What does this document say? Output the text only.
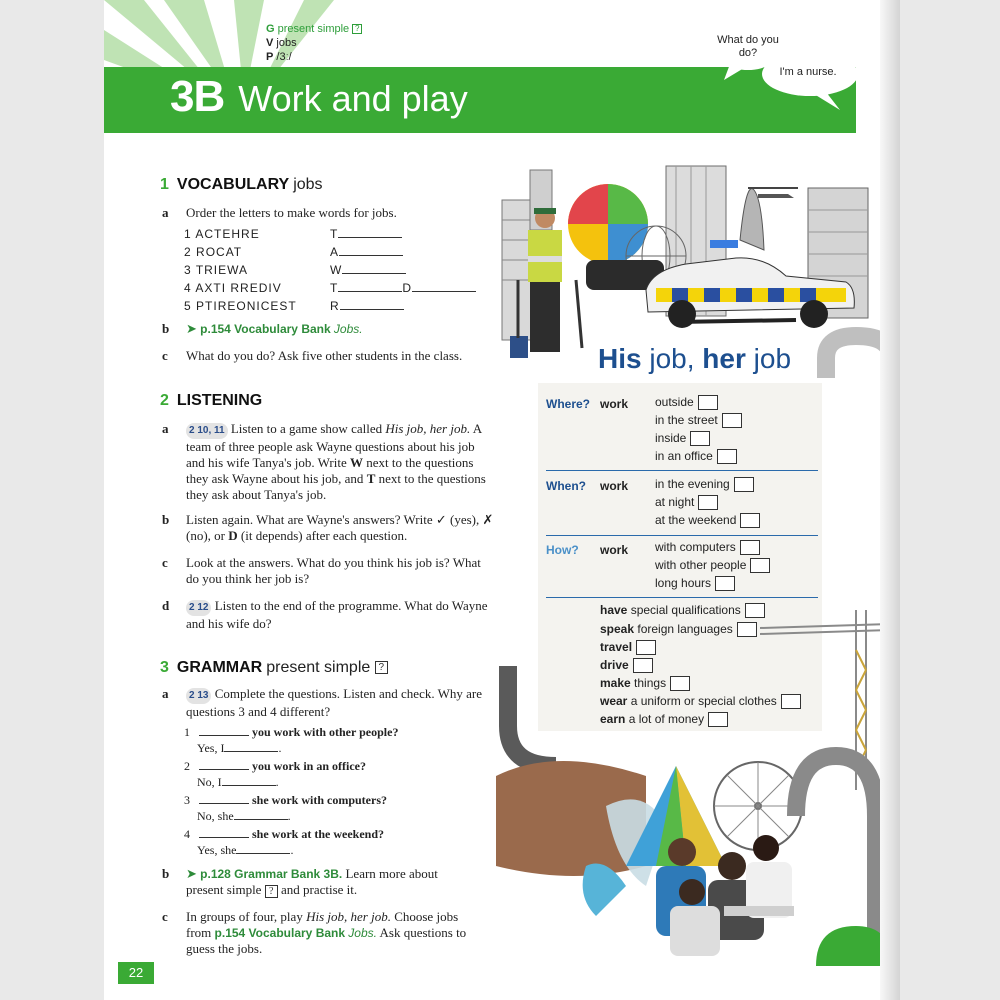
G present simple ?
V jobs
P /3ː/
3B Work and play
What do you do?
I'm a nurse.
1 VOCABULARY jobs
a Order the letters to make words for jobs.
1 ACTEHRE	T
2 ROCAT	A
3 TRIEWA	W
4 AXTI RREDIV	T	D
5 PTIREONICEST	R
b ➤ p.154 Vocabulary Bank Jobs.
c What do you do? Ask five other students in the class.
2 LISTENING
a	2 10, 11 Listen to a game show called His job, her job. A team of three people ask Wayne questions about his job and his wife Tanya's job. Write W next to the questions they ask Wayne about his job, and T next to the questions they ask about Tanya's job.
b Listen again. What are Wayne's answers? Write ✓ (yes), ✗ (no), or D (it depends) after each question.
c Look at the answers. What do you think his job is? What do you think her job is?
d	2 12 Listen to the end of the programme. What do Wayne and his wife do?
3 GRAMMAR present simple ?
a	2 13 Complete the questions. Listen and check. Why are questions 3 and 4 different?
1	you work with other people?
Yes, I	.
2	you work in an office?
No, I	.
3	she work with computers?
No, she	.
4	she work at the weekend?
Yes, she	.
b ➤ p.128 Grammar Bank 3B. Learn more about present simple ? and practise it.
c In groups of four, play His job, her job. Choose jobs from p.154 Vocabulary Bank Jobs. Ask questions to guess the jobs.
His job, her job
Where? work outside
in the street
inside
in an office
When? work in the evening
at night
at the weekend
How? work with computers
with other people
long hours
have special qualifications
speak foreign languages
travel
drive
make things
wear a uniform or special clothes
earn a lot of money
22
